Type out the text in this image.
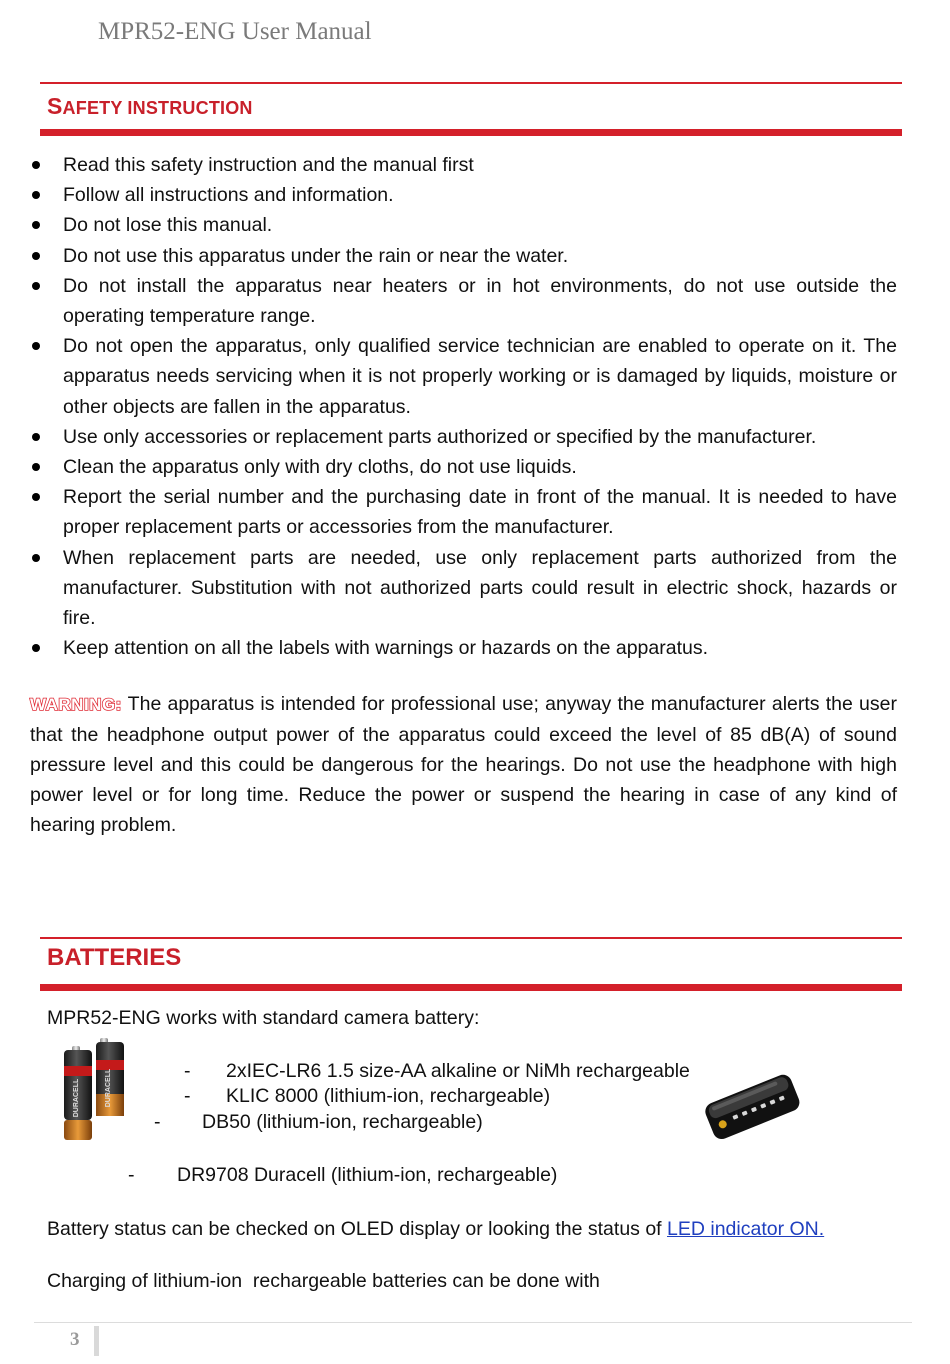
MPR52-ENG User Manual
SAFETY INSTRUCTION
Read this safety instruction and the manual first
Follow all instructions and information.
Do not lose this manual.
Do not use this apparatus under the rain or near the water.
Do not install the apparatus near heaters or in hot environments, do not use outside the operating temperature range.
Do not open the apparatus, only qualified service technician are enabled to operate on it. The apparatus needs servicing when it is not properly working or is damaged by liquids, moisture or other objects are fallen in the apparatus.
Use only accessories or replacement parts authorized or specified by the manufacturer.
Clean the apparatus only with dry cloths, do not use liquids.
Report the serial number and the purchasing date in front of the manual. It is needed to have proper replacement parts or accessories from the manufacturer.
When replacement parts are needed, use only replacement parts authorized from the manufacturer. Substitution with not authorized parts could result in electric shock, hazards or fire.
Keep attention on all the labels with warnings or hazards on the apparatus.
WARNING: The apparatus is intended for professional use; anyway the manufacturer alerts the user that the headphone output power of the apparatus could exceed the level of 85 dB(A) of sound pressure level and this could be dangerous for the hearings. Do not use the headphone with high power level or for long time. Reduce the power or suspend the hearing in case of any kind of hearing problem.
BATTERIES
MPR52-ENG works with standard camera battery:
DURACELL
DURACELL
- 2xIEC-LR6 1.5 size-AA alkaline or NiMh rechargeable
- KLIC 8000 (lithium-ion, rechargeable)
- DB50 (lithium-ion, rechargeable)
- DR9708 Duracell (lithium-ion, rechargeable)
Battery status can be checked on OLED display or looking the status of LED indicator ON.
Charging of lithium-ion  rechargeable batteries can be done with
3
